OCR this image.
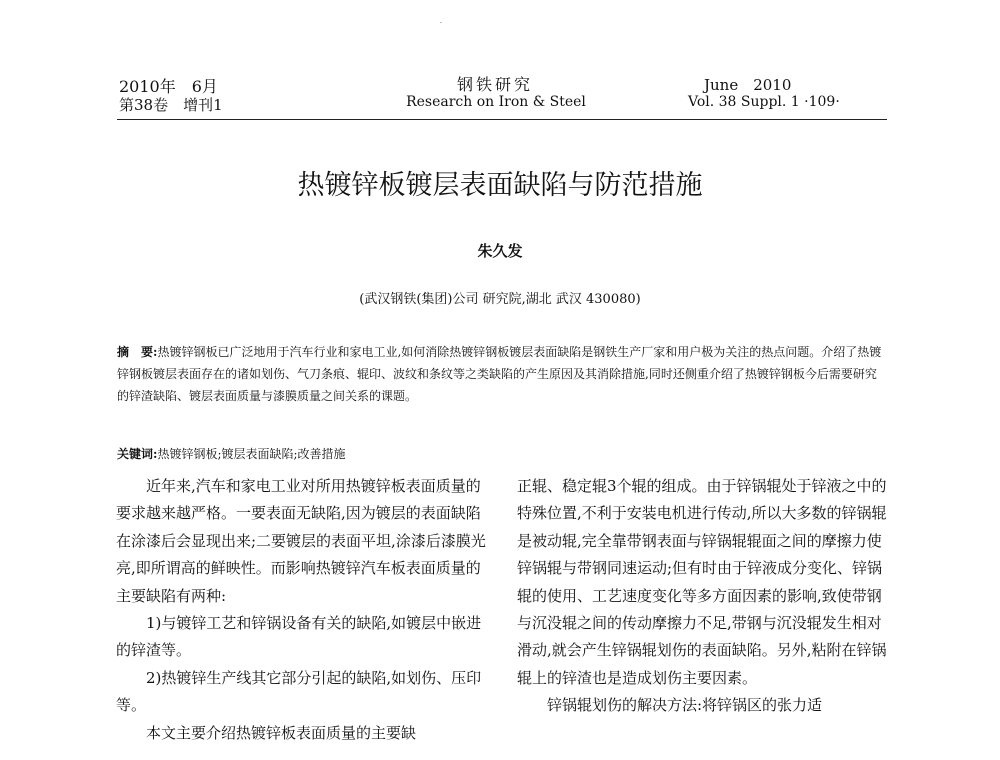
2010年　6月
第38卷　增刊1
钢铁研究
Research on Iron & Steel
June　2010
Vol. 38 Suppl. 1 ·109·
热镀锌板镀层表面缺陷与防范措施
朱久发
(武汉钢铁(集团)公司 研究院,湖北 武汉 430080)
摘　要:热镀锌钢板已广泛地用于汽车行业和家电工业,如何消除热镀锌钢板镀层表面缺陷是钢铁生产厂家和用户极为关注的热点问题。介绍了热镀锌钢板镀层表面存在的诸如划伤、气刀条痕、辊印、波纹和条纹等之类缺陷的产生原因及其消除措施,同时还侧重介绍了热镀锌钢板今后需要研究的锌渣缺陷、镀层表面质量与漆膜质量之间关系的课题。
关键词:热镀锌钢板;镀层表面缺陷;改善措施

近年来,汽车和家电工业对所用热镀锌板表面质量的要求越来越严格。一要表面无缺陷,因为镀层的表面缺陷在涂漆后会显现出来;二要镀层的表面平坦,涂漆后漆膜光亮,即所谓高的鲜映性。而影响热镀锌汽车板表面质量的主要缺陷有两种:

1)与镀锌工艺和锌锅设备有关的缺陷,如镀层中嵌进的锌渣等。

2)热镀锌生产线其它部分引起的缺陷,如划伤、压印等。

本文主要介绍热镀锌板表面质量的主要缺

正辊、稳定辊3个辊的组成。由于锌锅辊处于锌液之中的特殊位置,不利于安装电机进行传动,所以大多数的锌锅辊是被动辊,完全靠带钢表面与锌锅辊辊面之间的摩擦力使锌锅辊与带钢同速运动;但有时由于锌液成分变化、锌锅辊的使用、工艺速度变化等多方面因素的影响,致使带钢与沉没辊之间的传动摩擦力不足,带钢与沉没辊发生相对滑动,就会产生锌锅辊划伤的表面缺陷。另外,粘附在锌锅辊上的锌渣也是造成划伤主要因素。

锌锅辊划伤的解决方法:将锌锅区的张力适
